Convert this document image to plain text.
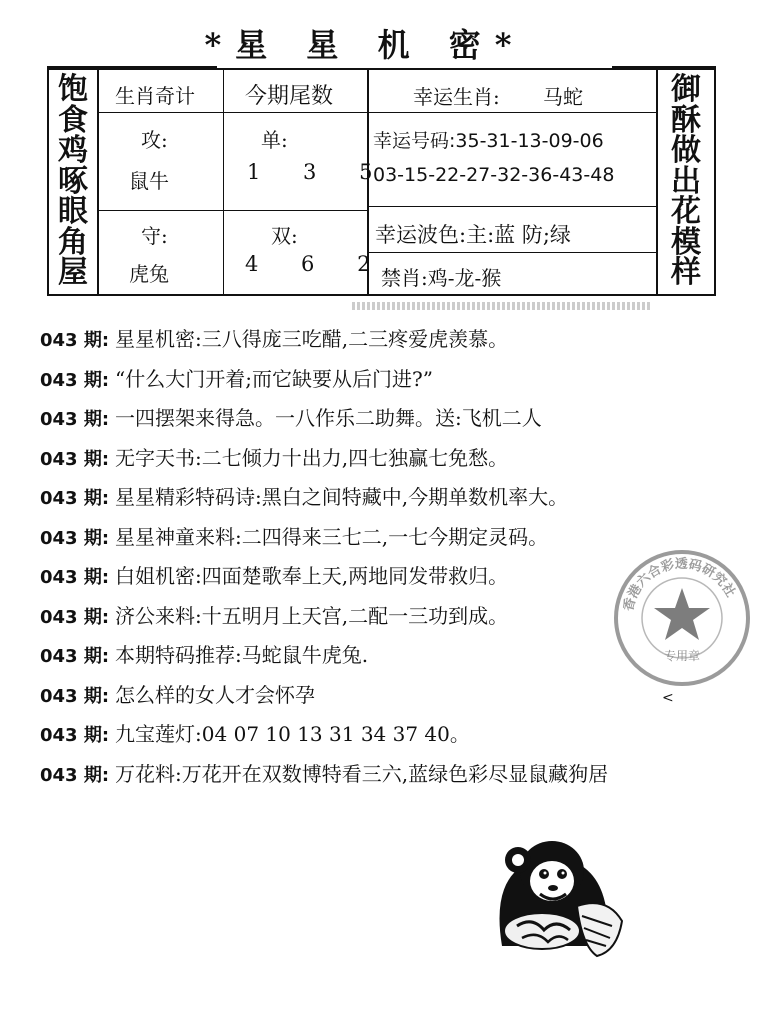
*星 星 机 密*
饱
食
鸡
啄
眼
角
屋
御
酥
做
出
花
模
样
生肖奇计 今期尾数	幸运生肖: 马蛇
攻:
鼠牛
单:
1 3 5
幸运号码:35-31-13-09-06
03-15-22-27-32-36-43-48
守:
虎兔
双:
4 6 2
幸运波色:主:蓝 防;绿
禁肖:鸡-龙-猴
043 期: 星星机密:三八得庞三吃醋,二三疼爱虎羡慕。
043 期: “什么大门开着;而它缺要从后门进?”
043 期: 一四摆架来得急。一八作乐二助舞。送:飞机二人
043 期: 无字天书:二七倾力十出力,四七独赢七免愁。
043 期: 星星精彩特码诗:黑白之间特藏中,今期单数机率大。
043 期: 星星神童来料:二四得来三七二,一七今期定灵码。
043 期: 白姐机密:四面楚歌奉上天,两地同发带救归。
043 期: 济公来料:十五明月上天宫,二配一三功到成。
043 期: 本期特码推荐:马蛇鼠牛虎兔.
043 期: 怎么样的女人才会怀孕
043 期: 九宝莲灯:04 07 10 13 31 34 37 40。
043 期: 万花料:万花开在双数博特看三六,蓝绿色彩尽显鼠藏狗居
香港六合彩透码研究社
专用章
<
